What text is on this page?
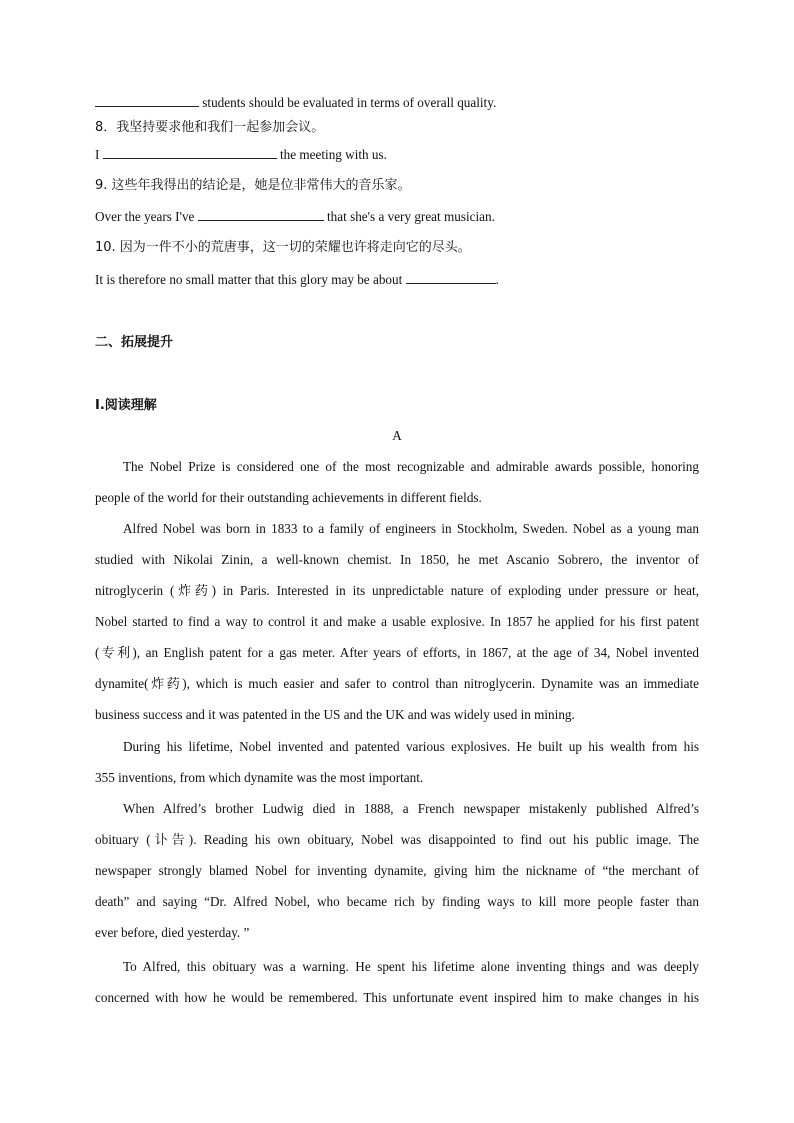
students should be evaluated in terms of overall quality.

8．我坚持要求他和我们一起参加会议。

I	the meeting with us.

9. 这些年我得出的结论是，她是位非常伟大的音乐家。

Over the years I've	that she's a very great musician.

10. 因为一件不小的荒唐事，这一切的荣耀也许将走向它的尽头。

It is therefore no small matter that this glory may be about	.

二、拓展提升

I.阅读理解

A

The Nobel Prize is considered one of the most recognizable and admirable awards possible, honoring
people of the world for their outstanding achievements in different fields.
Alfred Nobel was born in 1833 to a family of engineers in Stockholm, Sweden. Nobel as a young man
studied with Nikolai Zinin, a well-known chemist. In 1850, he met Ascanio Sobrero, the inventor of
nitroglycerin (炸药) in Paris. Interested in its unpredictable nature of exploding under pressure or heat,
Nobel started to find a way to control it and make a usable explosive. In 1857 he applied for his first patent
(专利), an English patent for a gas meter. After years of efforts, in 1867, at the age of 34, Nobel invented
dynamite(炸药), which is much easier and safer to control than nitroglycerin. Dynamite was an immediate
business success and it was patented in the US and the UK and was widely used in mining.
During his lifetime, Nobel invented and patented various explosives. He built up his wealth from his
355 inventions, from which dynamite was the most important.
When Alfred’s brother Ludwig died in 1888, a French newspaper mistakenly published Alfred’s
obituary (讣告). Reading his own obituary, Nobel was disappointed to find out his public image. The
newspaper strongly blamed Nobel for inventing dynamite, giving him the nickname of “the merchant of
death” and saying “Dr. Alfred Nobel, who became rich by finding ways to kill more people faster than
ever before, died yesterday. ”
To Alfred, this obituary was a warning. He spent his lifetime alone inventing things and was deeply
concerned with how he would be remembered. This unfortunate event inspired him to make changes in his
